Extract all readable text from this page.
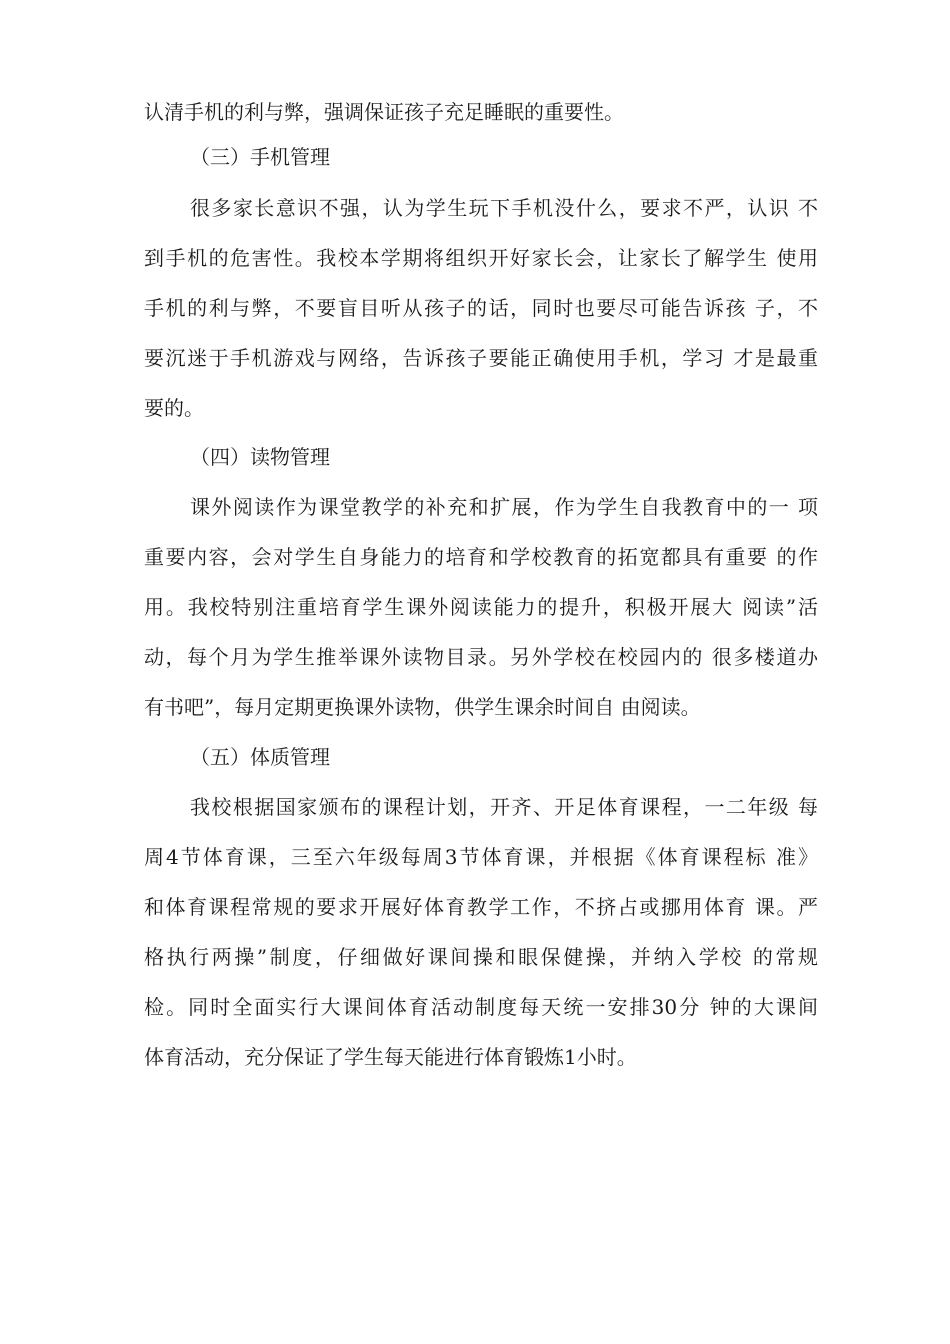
认清手机的利与弊，强调保证孩子充足睡眠的重要性。
（三）手机管理
很多家长意识不强，认为学生玩下手机没什么，要求不严，认识 不
到手机的危害性。我校本学期将组织开好家长会，让家长了解学生 使用
手机的利与弊，不要盲目听从孩子的话，同时也要尽可能告诉孩 子，不
要沉迷于手机游戏与网络，告诉孩子要能正确使用手机，学习 才是最重
要的。
（四）读物管理
课外阅读作为课堂教学的补充和扩展，作为学生自我教育中的一 项
重要内容，会对学生自身能力的培育和学校教育的拓宽都具有重要 的作
用。我校特别注重培育学生课外阅读能力的提升，积极开展大 阅读”活
动，每个月为学生推举课外读物目录。另外学校在校园内的 很多楼道办
有书吧”，每月定期更换课外读物，供学生课余时间自 由阅读。
（五）体质管理
我校根据国家颁布的课程计划，开齐、开足体育课程，一二年级 每
周4节体育课，三至六年级每周3节体育课，并根据《体育课程标 准》
和体育课程常规的要求开展好体育教学工作，不挤占或挪用体育 课。严
格执行两操”制度，仔细做好课间操和眼保健操，并纳入学校 的常规
检。同时全面实行大课间体育活动制度每天统一安排30分 钟的大课间
体育活动，充分保证了学生每天能进行体育锻炼1小时。
